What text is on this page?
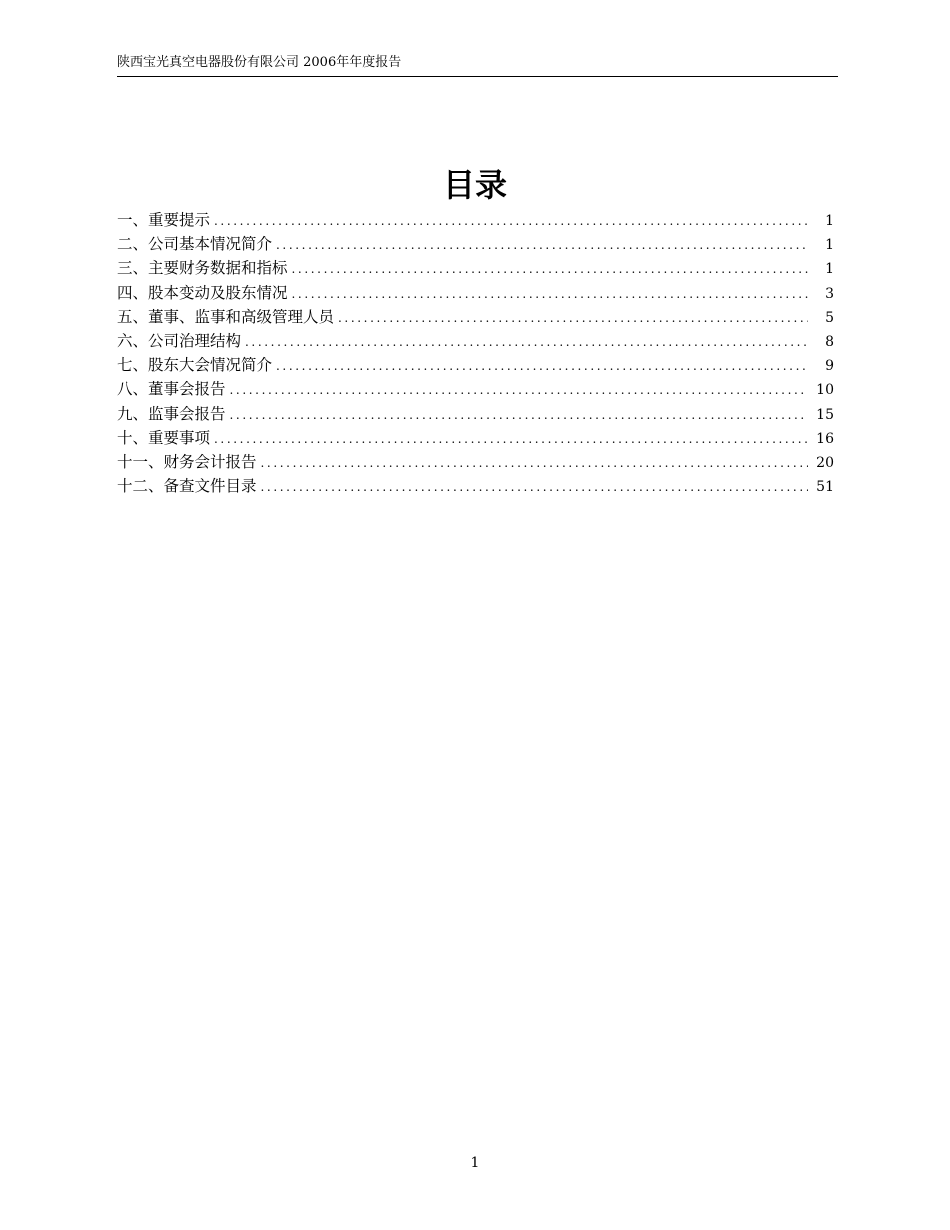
陕西宝光真空电器股份有限公司 2006年年度报告
目录
一、重要提示 .....	1
二、公司基本情况简介 .....	1
三、主要财务数据和指标 .....	1
四、股本变动及股东情况 .....	3
五、董事、监事和高级管理人员 .....	5
六、公司治理结构 .....	8
七、股东大会情况简介 .....	9
八、董事会报告 .....	10
九、监事会报告 .....	15
十、重要事项 .....	16
十一、财务会计报告 .....	20
十二、备查文件目录 .....	51
1
